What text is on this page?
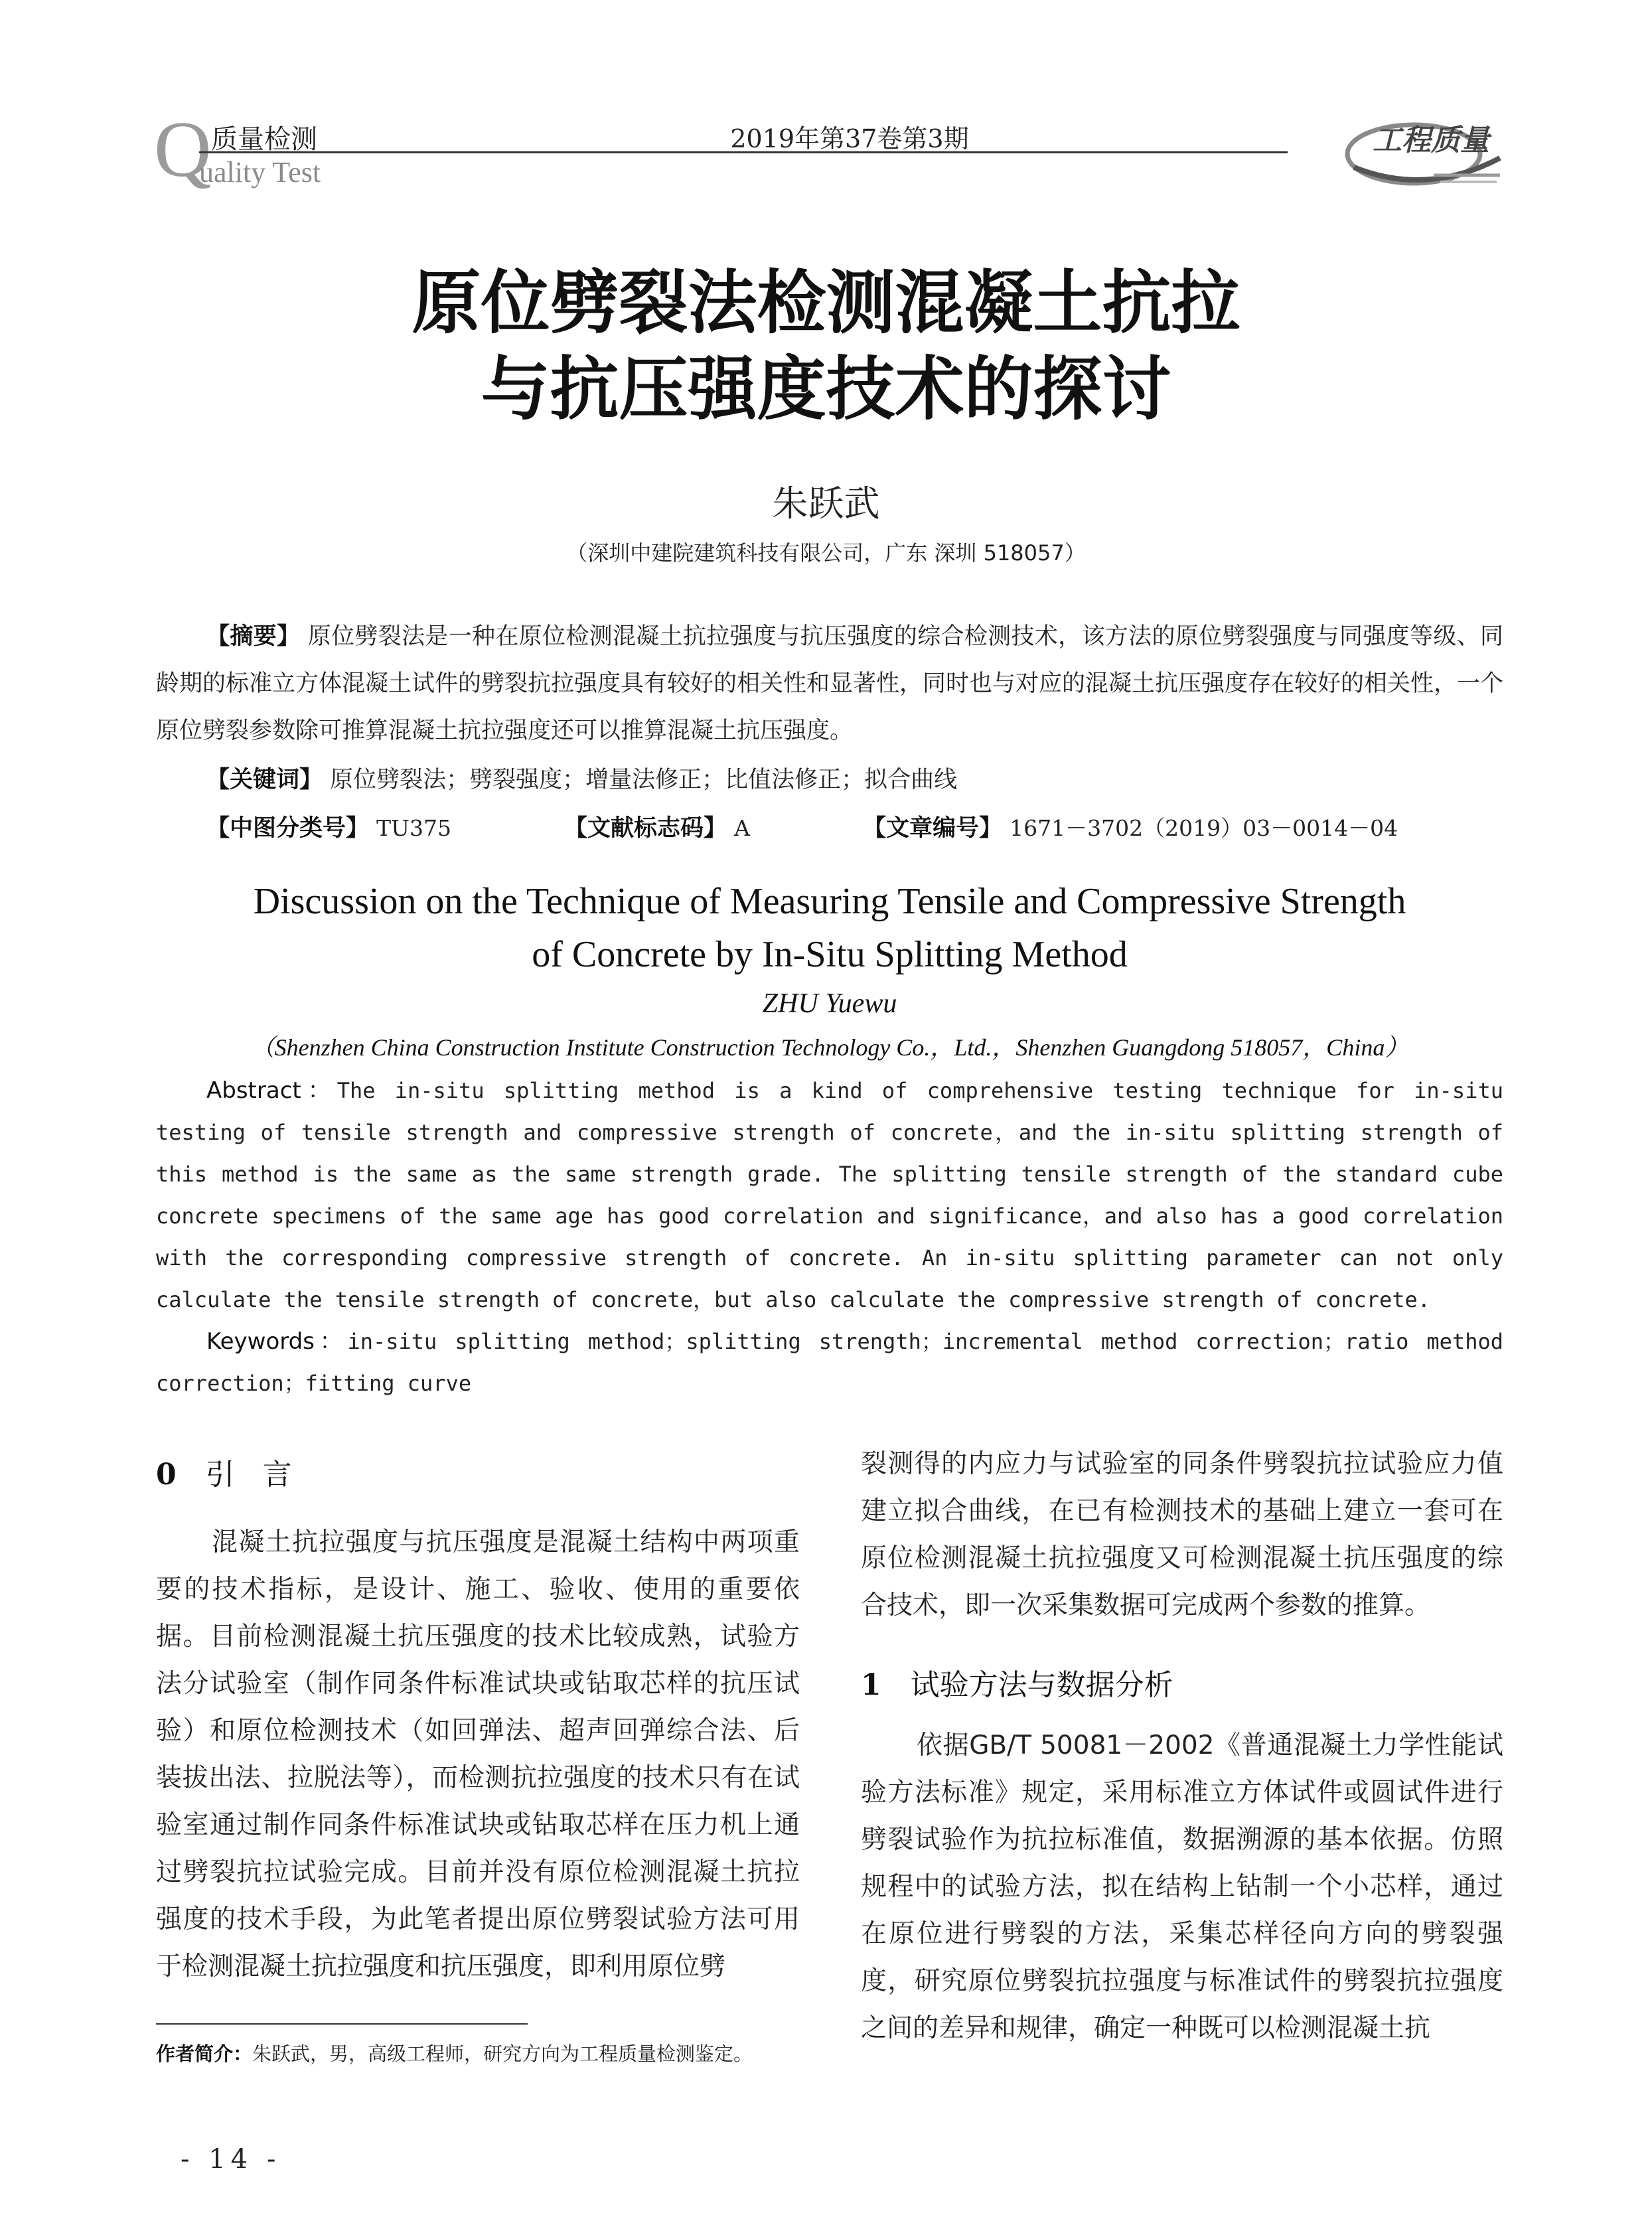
Q 质量检测
uality Test
2019年第37卷第3期	工程质量
原位劈裂法检测混凝土抗拉
与抗压强度技术的探讨
朱跃武
（深圳中建院建筑科技有限公司，广东 深圳 518057）
【摘要】 原位劈裂法是一种在原位检测混凝土抗拉强度与抗压强度的综合检测技术，该方法的原位劈裂强度与同强度等级、同龄期的标准立方体混凝土试件的劈裂抗拉强度具有较好的相关性和显著性，同时也与对应的混凝土抗压强度存在较好的相关性，一个原位劈裂参数除可推算混凝土抗拉强度还可以推算混凝土抗压强度。
【关键词】 原位劈裂法；劈裂强度；增量法修正；比值法修正；拟合曲线
【中图分类号】 TU375	【文献标志码】 A	【文章编号】 1671－3702（2019）03－0014－04
Discussion on the Technique of Measuring Tensile and Compressive Strength
of Concrete by In-Situ Splitting Method
ZHU Yuewu
（Shenzhen China Construction Institute Construction Technology Co.，Ltd.，Shenzhen Guangdong 518057，China）
Abstract：The in-situ splitting method is a kind of comprehensive testing technique for in-situ testing of tensile strength and compressive strength of concrete，and the in-situ splitting strength of this method is the same as the same strength grade. The splitting tensile strength of the standard cube concrete specimens of the same age has good correlation and significance，and also has a good correlation with the corresponding compressive strength of concrete. An in-situ splitting parameter can not only calculate the tensile strength of concrete，but also calculate the compressive strength of concrete.
Keywords：in-situ splitting method；splitting strength；incremental method correction；ratio method correction；fitting curve
0 引言
混凝土抗拉强度与抗压强度是混凝土结构中两项重要的技术指标，是设计、施工、验收、使用的重要依据。目前检测混凝土抗压强度的技术比较成熟，试验方法分试验室（制作同条件标准试块或钻取芯样的抗压试验）和原位检测技术（如回弹法、超声回弹综合法、后装拔出法、拉脱法等），而检测抗拉强度的技术只有在试验室通过制作同条件标准试块或钻取芯样在压力机上通过劈裂抗拉试验完成。目前并没有原位检测混凝土抗拉强度的技术手段，为此笔者提出原位劈裂试验方法可用于检测混凝土抗拉强度和抗压强度，即利用原位劈
裂测得的内应力与试验室的同条件劈裂抗拉试验应力值建立拟合曲线，在已有检测技术的基础上建立一套可在原位检测混凝土抗拉强度又可检测混凝土抗压强度的综合技术，即一次采集数据可完成两个参数的推算。
1 试验方法与数据分析
依据GB/T 50081－2002《普通混凝土力学性能试验方法标准》规定，采用标准立方体试件或圆试件进行劈裂试验作为抗拉标准值，数据溯源的基本依据。仿照规程中的试验方法，拟在结构上钻制一个小芯样，通过在原位进行劈裂的方法，采集芯样径向方向的劈裂强度，研究原位劈裂抗拉强度与标准试件的劈裂抗拉强度之间的差异和规律，确定一种既可以检测混凝土抗
作者简介：朱跃武，男，高级工程师，研究方向为工程质量检测鉴定。
- 14 -
